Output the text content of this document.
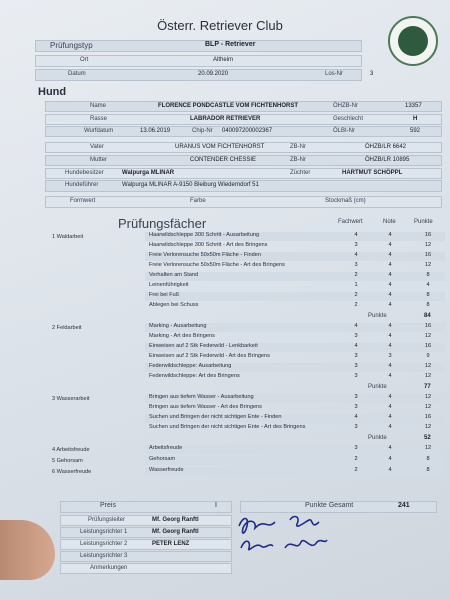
Österr. Retriever Club
Prüfungstyp	BLP - Retriever
Ort	Altheim
Datum	20.09.2020	Los-Nr	3
Hund
Name	FLORENCE PONDCASTLE VOM FICHTENHORST	ÖHZB-Nr	13357
Rasse	LABRADOR RETRIEVER	Geschlecht	H
Wurfdatum	13.06.2019	Chip-Nr 040097200002367	ÖLBI-Nr	592
Vater	URANUS VOM FICHTENHORST	ZB-Nr	ÖHZB/LR 6642
Mutter	CONTENDER CHESSIE	ZB-Nr	ÖHZB/LR 10895
Hundebesitzer	Walpurga MLINAR	Züchter	HARTMUT SCHÖPPL
Hundeführer	Walpurga MLINAR A-9150 Bleiburg Wiederndorf 51
Formwert	Farbe	Stockmaß (cm)
Prüfungsfächer	Fachwert	Note	Punkte
1 Waldarbeit	Haarwildschleppe 300 Schritt - Ausarbeitung	4	4	16
Haarwildschleppe 300 Schritt - Art des Bringens	3	4	12
Freie Verlorensuche 50x50m Fläche - Finden	4	4	16
Freie Verlorensuche 50x50m Fläche - Art des Bringens	3	4	12
Verhalten am Stand	2	4	8
Leinenführigkeit	1	4	4
Frei bei Fuß	2	4	8
Ablegen bei Schuss	2	4	8
Punkte	84
2 Feldarbeit	Marking - Ausarbeitung	4	4	16
Marking - Art des Bringens	3	4	12
Einweisen auf 2 Stk Federwild - Lenkbarkeit	4	4	16
Einweisen auf 2 Stk Federwild - Art des Bringens	3	3	9
Federwildschleppe: Ausarbeitung	3	4	12
Federwildschleppe: Art des Bringens	3	4	12
Punkte	77
3 Wasserarbeit	Bringen aus tiefem Wasser - Ausarbeitung	3	4	12
Bringen aus tiefem Wasser - Art des Bringens	3	4	12
Suchen und Bringen der nicht sichtigen Ente - Finden	4	4	16
Suchen und Bringen der nicht sichtigen Ente - Art des Bringens	3	4	12
Punkte	52
4 Arbeitsfreude	Arbeitsfreude	3	4	12
5 Gehorsam	Gehorsam	2	4	8
6 Wasserfreude	Wasserfreude	2	4	8
Preis	I	Punkte Gesamt	241
Prüfungsleiter	Mf. Georg Ranftl
Leistungsrichter 1	Mf. Georg Ranftl
Leistungsrichter 2	PETER LENZ
Leistungsrichter 3
Anmerkungen
